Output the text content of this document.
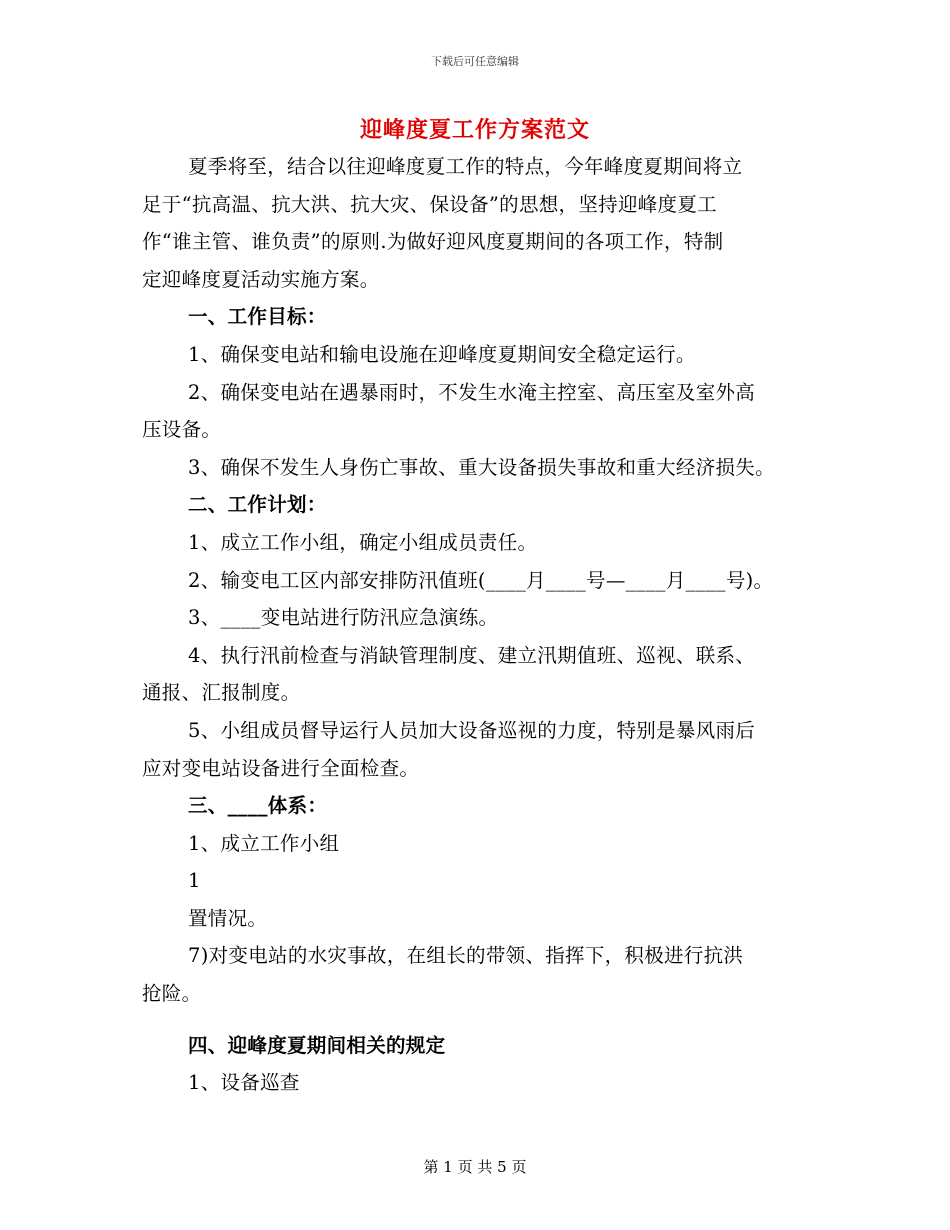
下载后可任意编辑
迎峰度夏工作方案范文
夏季将至，结合以往迎峰度夏工作的特点，今年峰度夏期间将立
足于“抗高温、抗大洪、抗大灾、保设备”的思想，坚持迎峰度夏工
作“谁主管、谁负责”的原则.为做好迎风度夏期间的各项工作，特制
定迎峰度夏活动实施方案。
一、工作目标：
1、确保变电站和输电设施在迎峰度夏期间安全稳定运行。
2、确保变电站在遇暴雨时，不发生水淹主控室、高压室及室外高
压设备。
3、确保不发生人身伤亡事故、重大设备损失事故和重大经济损失。
二、工作计划：
1、成立工作小组，确定小组成员责任。
2、输变电工区内部安排防汛值班(____月____号—____月____号)。
3、____变电站进行防汛应急演练。
4、执行汛前检查与消缺管理制度、建立汛期值班、巡视、联系、
通报、汇报制度。
5、小组成员督导运行人员加大设备巡视的力度，特别是暴风雨后
应对变电站设备进行全面检查。
三、____体系：
1、成立工作小组
1
置情况。
7)对变电站的水灾事故，在组长的带领、指挥下，积极进行抗洪
抢险。
四、迎峰度夏期间相关的规定
1、设备巡查
第 1 页 共 5 页
